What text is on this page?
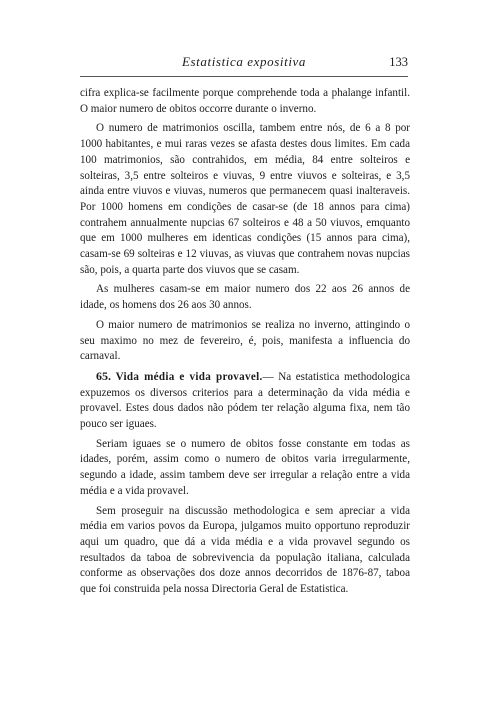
Estatistica expositiva	133

cifra explica-se facilmente porque comprehende toda a phalange infantil. O maior numero de obitos occorre durante o inverno.

O numero de matrimonios oscilla, tambem entre nós, de 6 a 8 por 1000 habitantes, e mui raras vezes se afasta destes dous limites. Em cada 100 matrimonios, são contrahidos, em média, 84 entre solteiros e solteiras, 3,5 entre solteiros e viuvas, 9 entre viuvos e solteiras, e 3,5 ainda entre viuvos e viuvas, numeros que permanecem quasi inalteraveis. Por 1000 homens em condições de casar-se (de 18 annos para cima) contrahem annualmente nupcias 67 solteiros e 48 a 50 viuvos, emquanto que em 1000 mulheres em identicas condições (15 annos para cima), casam-se 69 solteiras e 12 viuvas, as viuvas que contrahem novas nupcias são, pois, a quarta parte dos viuvos que se casam.

As mulheres casam-se em maior numero dos 22 aos 26 annos de idade, os homens dos 26 aos 30 annos.

O maior numero de matrimonios se realiza no inverno, attingindo o seu maximo no mez de fevereiro, é, pois, manifesta a influencia do carnaval.

65. Vida média e vida provavel.— Na estatistica methodologica expuzemos os diversos criterios para a determinação da vida média e provavel. Estes dous dados não pódem ter relação alguma fixa, nem tão pouco ser iguaes.

Seriam iguaes se o numero de obitos fosse constante em todas as idades, porém, assim como o numero de obitos varia irregularmente, segundo a idade, assim tambem deve ser irregular a relação entre a vida média e a vida provavel.

Sem proseguir na discussão methodologica e sem apreciar a vida média em varios povos da Europa, julgamos muito opportuno reproduzir aqui um quadro, que dá a vida média e a vida provavel segundo os resultados da taboa de sobrevivencia da população italiana, calculada conforme as observações dos doze annos decorridos de 1876-87, taboa que foi construida pela nossa Directoria Geral de Estatistica.
